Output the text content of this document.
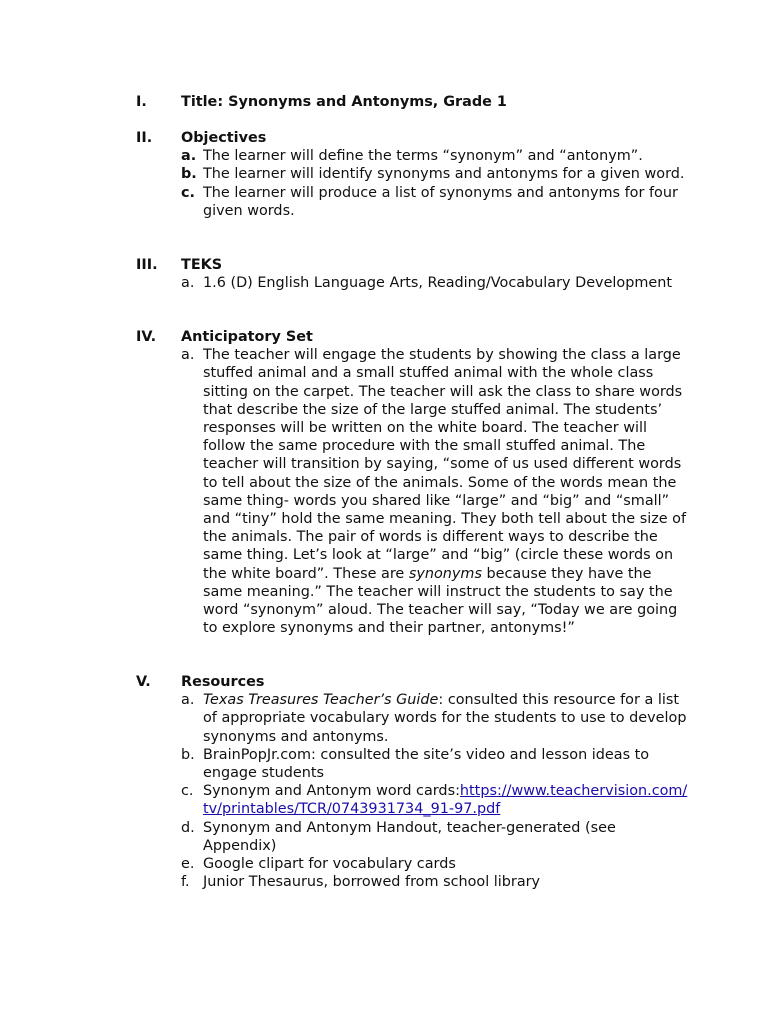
I. Title: Synonyms and Antonyms, Grade 1
II. Objectives
a. The learner will define the terms “synonym” and “antonym”.
b. The learner will identify synonyms and antonyms for a given word.
c. The learner will produce a list of synonyms and antonyms for four given words.
III. TEKS
a. 1.6 (D) English Language Arts, Reading/Vocabulary Development
IV. Anticipatory Set
a. The teacher will engage the students by showing the class a large stuffed animal and a small stuffed animal with the whole class sitting on the carpet. The teacher will ask the class to share words that describe the size of the large stuffed animal. The students’ responses will be written on the white board. The teacher will follow the same procedure with the small stuffed animal. The teacher will transition by saying, “some of us used different words to tell about the size of the animals. Some of the words mean the same thing- words you shared like “large” and “big” and “small” and “tiny” hold the same meaning. They both tell about the size of the animals. The pair of words is different ways to describe the same thing. Let’s look at “large” and “big” (circle these words on the white board”. These are synonyms because they have the same meaning.” The teacher will instruct the students to say the word “synonym” aloud. The teacher will say, “Today we are going to explore synonyms and their partner, antonyms!”
V. Resources
a. Texas Treasures Teacher’s Guide: consulted this resource for a list of appropriate vocabulary words for the students to use to develop synonyms and antonyms.
b. BrainPopJr.com: consulted the site’s video and lesson ideas to engage students
c. Synonym and Antonym word cards:https://www.teachervision.com/tv/printables/TCR/0743931734_91-97.pdf
d. Synonym and Antonym Handout, teacher-generated (see Appendix)
e. Google clipart for vocabulary cards
f. Junior Thesaurus, borrowed from school library
